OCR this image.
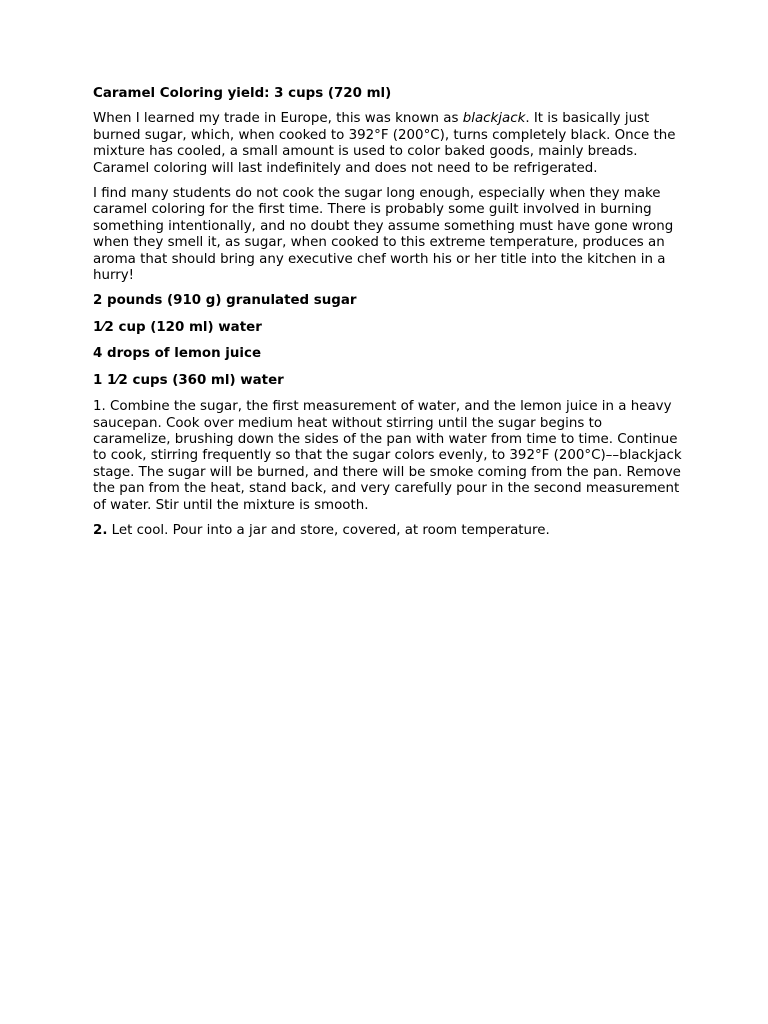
Caramel Coloring yield: 3 cups (720 ml)

When I learned my trade in Europe, this was known as blackjack. It is basically just burned sugar, which, when cooked to 392°F (200°C), turns completely black. Once the mixture has cooled, a small amount is used to color baked goods, mainly breads. Caramel coloring will last indefinitely and does not need to be refrigerated.

I find many students do not cook the sugar long enough, especially when they make caramel coloring for the first time. There is probably some guilt involved in burning something intentionally, and no doubt they assume something must have gone wrong when they smell it, as sugar, when cooked to this extreme temperature, produces an aroma that should bring any executive chef worth his or her title into the kitchen in a hurry!

2 pounds (910 g) granulated sugar

1⁄2 cup (120 ml) water

4 drops of lemon juice

1 1⁄2 cups (360 ml) water

1. Combine the sugar, the first measurement of water, and the lemon juice in a heavy saucepan. Cook over medium heat without stirring until the sugar begins to caramelize, brushing down the sides of the pan with water from time to time. Continue to cook, stirring frequently so that the sugar colors evenly, to 392°F (200°C)––blackjack stage. The sugar will be burned, and there will be smoke coming from the pan. Remove the pan from the heat, stand back, and very carefully pour in the second measurement of water. Stir until the mixture is smooth.

2. Let cool. Pour into a jar and store, covered, at room temperature.
